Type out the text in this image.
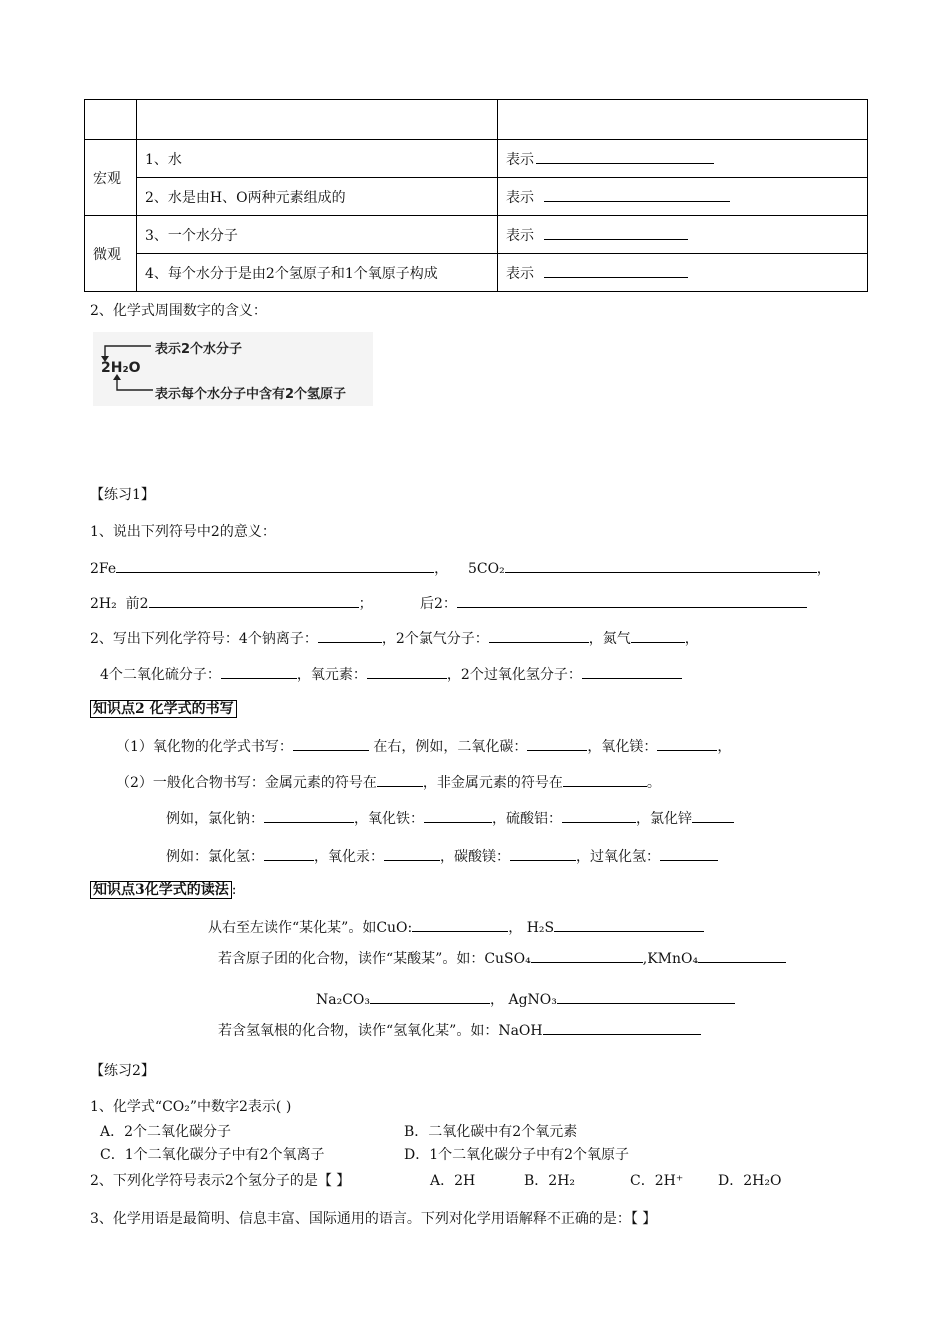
宏观	1、水	表示
	2、水是由H、O两种元素组成的	表示
微观	3、一个水分子	表示
	4、每个水分于是由2个氢原子和1个氧原子构成	表示
2、化学式周围数字的含义：
表示2个水分子
2H₂O
表示每个水分子中含有2个氢原子
【练习1】
1、说出下列符号中2的意义：
2Fe	， 5CO₂	，
2H₂ 前2	；	后2：
2、写出下列化学符号：4个钠离子：	，2个氯气分子：	，氮气	，
4个二氧化硫分子：	，氧元素：	，2个过氧化氢分子：
知识点2 化学式的书写
（1）氧化物的化学式书写：	在右，例如，二氧化碳：	，氧化镁：	，
（2）一般化合物书写：金属元素的符号在	，非金属元素的符号在	。
例如，氯化钠：	，氧化铁：	，硫酸铝：	，氯化锌
例如：氯化氢：	，氧化汞：	，碳酸镁：	，过氧化氢：
知识点3化学式的读法 :
从右至左读作“某化某”。如CuO:	， H₂S
若含原子团的化合物，读作“某酸某”。如：CuSO₄	,KMnO₄
Na₂CO₃	， AgNO₃
若含氢氧根的化合物，读作“氢氧化某”。如：NaOH
【练习2】
1、化学式“CO₂”中数字2表示( )
A．2个二氧化碳分子	B．二氧化碳中有2个氧元素
C．1个二氧化碳分子中有2个氧离子	D．1个二氧化碳分子中有2个氧原子
2、下列化学符号表示2个氢分子的是【 】	A．2H	B．2H₂	C．2H⁺ D．2H₂O
3、化学用语是最简明、信息丰富、国际通用的语言。下列对化学用语解释不正确的是：【 】
